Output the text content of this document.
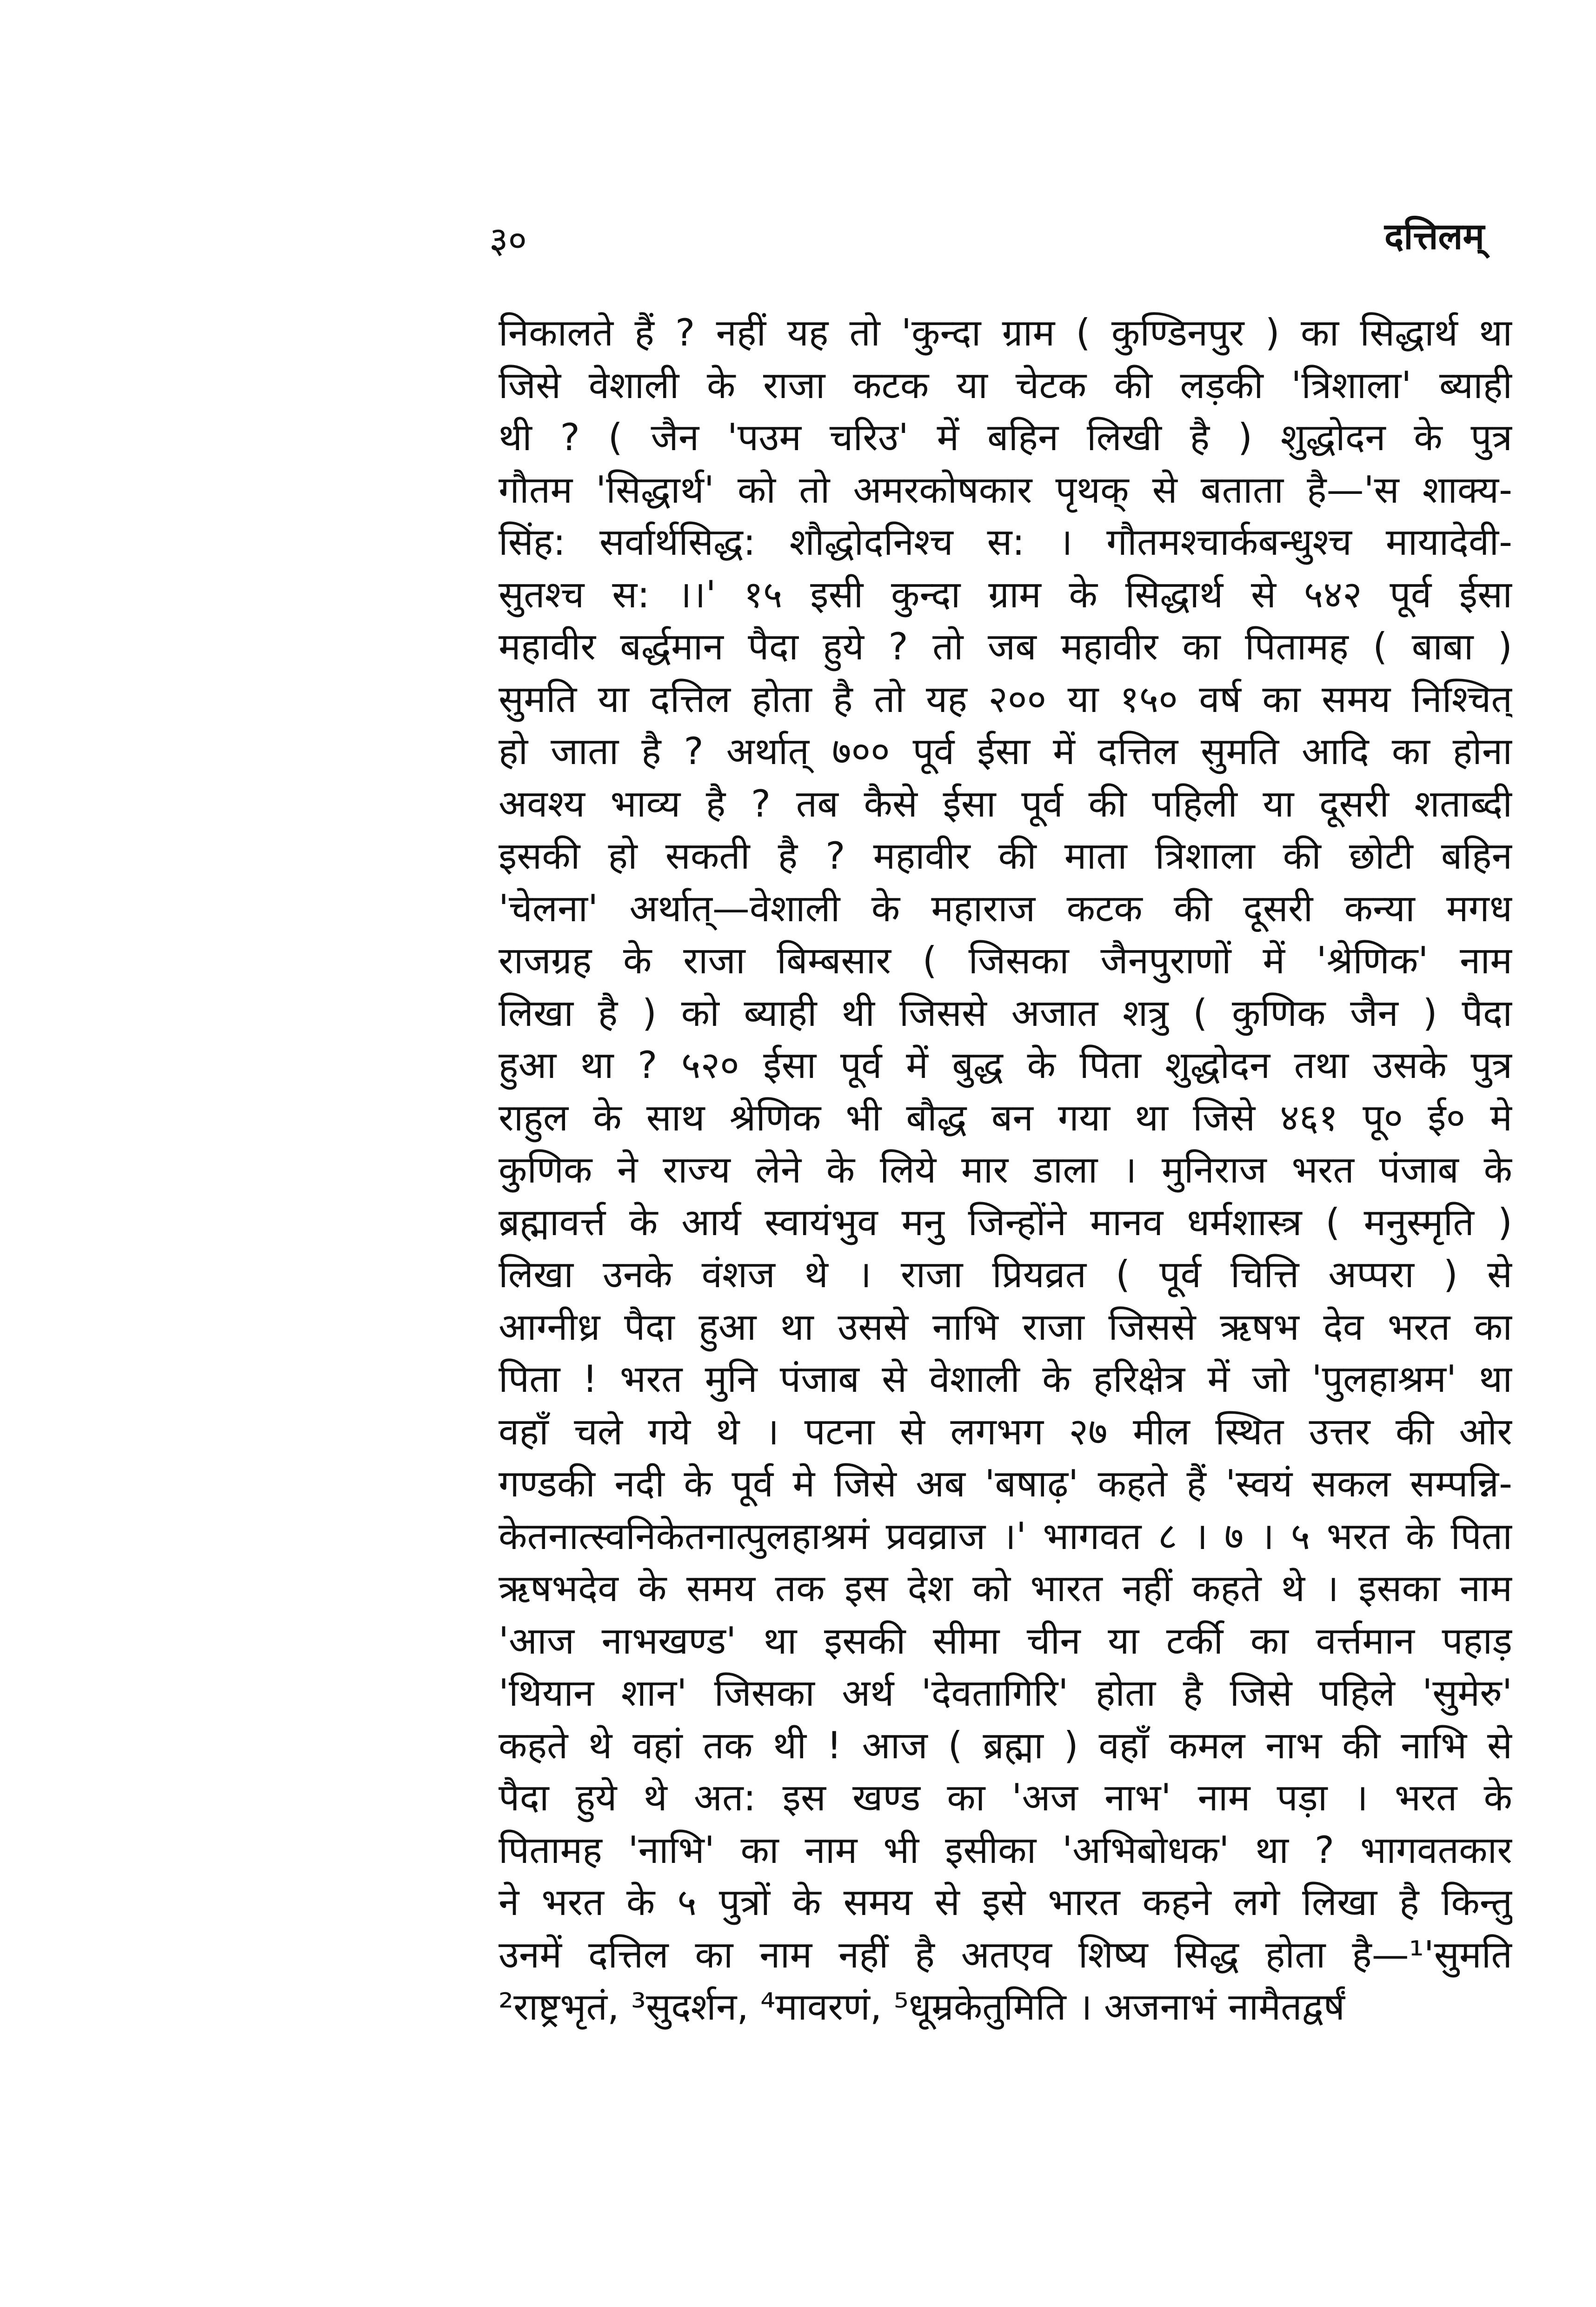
३०	दत्तिलम्
निकालते हैं ? नहीं यह तो 'कुन्दा ग्राम ( कुण्डिनपुर ) का सिद्धार्थ था
जिसे वेशाली के राजा कटक या चेटक की लड़की 'त्रिशाला' ब्याही
थी ? ( जैन 'पउम चरिउ' में बहिन लिखी है ) शुद्धोदन के पुत्र
गौतम 'सिद्धार्थ' को तो अमरकोषकार पृथक् से बताता है—'स शाक्य-
सिंह: सर्वार्थसिद्ध: शौद्धोदनिश्च स: । गौतमश्चार्कबन्धुश्च मायादेवी-
सुतश्च स: ।।' १५ इसी कुन्दा ग्राम के सिद्धार्थ से ५४२ पूर्व ईसा
महावीर बर्द्धमान पैदा हुये ? तो जब महावीर का पितामह ( बाबा )
सुमति या दत्तिल होता है तो यह २०० या १५० वर्ष का समय निश्चित्
हो जाता है ? अर्थात् ७०० पूर्व ईसा में दत्तिल सुमति आदि का होना
अवश्य भाव्य है ? तब कैसे ईसा पूर्व की पहिली या दूसरी शताब्दी
इसकी हो सकती है ? महावीर की माता त्रिशाला की छोटी बहिन
'चेलना' अर्थात्—वेशाली के महाराज कटक की दूसरी कन्या मगध
राजग्रह के राजा बिम्बसार ( जिसका जैनपुराणों में 'श्रेणिक' नाम
लिखा है ) को ब्याही थी जिससे अजात शत्रु ( कुणिक जैन ) पैदा
हुआ था ? ५२० ईसा पूर्व में बुद्ध के पिता शुद्धोदन तथा उसके पुत्र
राहुल के साथ श्रेणिक भी बौद्ध बन गया था जिसे ४६१ पू० ई० मे
कुणिक ने राज्य लेने के लिये मार डाला । मुनिराज भरत पंजाब के
ब्रह्मावर्त्त के आर्य स्वायंभुव मनु जिन्होंने मानव धर्मशास्त्र ( मनुस्मृति )
लिखा उनके वंशज थे । राजा प्रियव्रत ( पूर्व चित्ति अप्परा ) से
आग्नीध्र पैदा हुआ था उससे नाभि राजा जिससे ऋषभ देव भरत का
पिता ! भरत मुनि पंजाब से वेशाली के हरिक्षेत्र में जो 'पुलहाश्रम' था
वहाँ चले गये थे । पटना से लगभग २७ मील स्थित उत्तर की ओर
गण्डकी नदी के पूर्व मे जिसे अब 'बषाढ़' कहते हैं 'स्वयं सकल सम्पन्नि-
केतनात्स्वनिकेतनात्पुलहाश्रमं प्रवव्राज ।' भागवत ८ । ७ । ५ भरत के पिता
ऋषभदेव के समय तक इस देश को भारत नहीं कहते थे । इसका नाम
'आज नाभखण्ड' था इसकी सीमा चीन या टर्की का वर्त्तमान पहाड़
'थियान शान' जिसका अर्थ 'देवतागिरि' होता है जिसे पहिले 'सुमेरु'
कहते थे वहां तक थी ! आज ( ब्रह्मा ) वहाँ कमल नाभ की नाभि से
पैदा हुये थे अत: इस खण्ड का 'अज नाभ' नाम पड़ा । भरत के
पितामह 'नाभि' का नाम भी इसीका 'अभिबोधक' था ? भागवतकार
ने भरत के ५ पुत्रों के समय से इसे भारत कहने लगे लिखा है किन्तु
उनमें दत्तिल का नाम नहीं है अतएव शिष्य सिद्ध होता है—¹'सुमति
²राष्ट्रभृतं, ³सुदर्शन, ⁴मावरणं, ⁵धूम्रकेतुमिति । अजनाभं नामैतद्वर्षं
